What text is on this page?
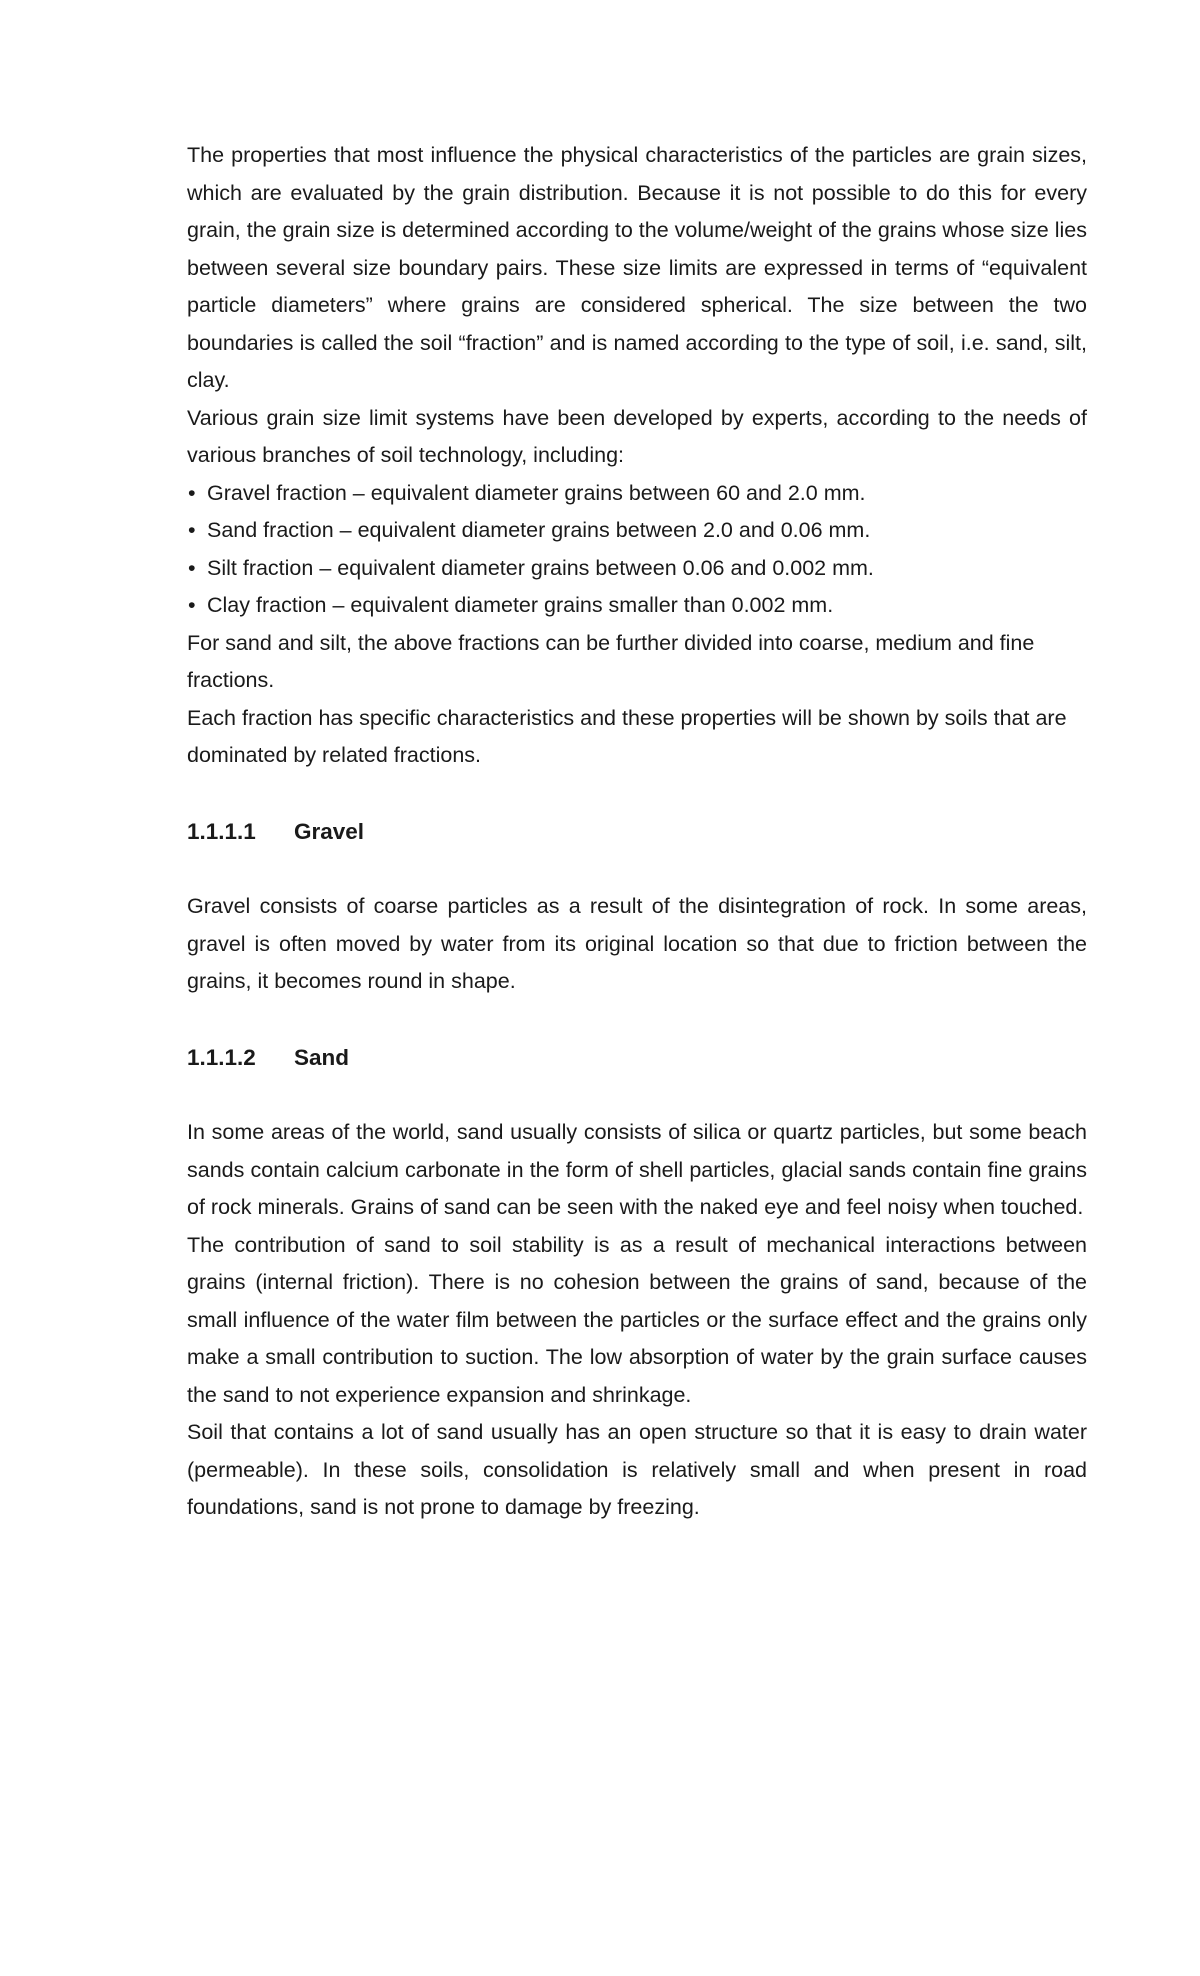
The properties that most influence the physical characteristics of the particles are grain sizes, which are evaluated by the grain distribution. Because it is not possible to do this for every grain, the grain size is determined according to the volume/weight of the grains whose size lies between several size boundary pairs. These size limits are expressed in terms of “equivalent particle diameters” where grains are considered spherical. The size between the two boundaries is called the soil “fraction” and is named according to the type of soil, i.e. sand, silt, clay.

Various grain size limit systems have been developed by experts, according to the needs of various branches of soil technology, including:

• Gravel fraction – equivalent diameter grains between 60 and 2.0 mm.
• Sand fraction – equivalent diameter grains between 2.0 and 0.06 mm.
• Silt fraction – equivalent diameter grains between 0.06 and 0.002 mm.
• Clay fraction – equivalent diameter grains smaller than 0.002 mm.

For sand and silt, the above fractions can be further divided into coarse, medium and fine fractions.

Each fraction has specific characteristics and these properties will be shown by soils that are dominated by related fractions.

1.1.1.1 Gravel

Gravel consists of coarse particles as a result of the disintegration of rock. In some areas, gravel is often moved by water from its original location so that due to friction between the grains, it becomes round in shape.

1.1.1.2 Sand

In some areas of the world, sand usually consists of silica or quartz particles, but some beach sands contain calcium carbonate in the form of shell particles, glacial sands contain fine grains of rock minerals. Grains of sand can be seen with the naked eye and feel noisy when touched.

The contribution of sand to soil stability is as a result of mechanical interactions between grains (internal friction). There is no cohesion between the grains of sand, because of the small influence of the water film between the particles or the surface effect and the grains only make a small contribution to suction. The low absorption of water by the grain surface causes the sand to not experience expansion and shrinkage.

Soil that contains a lot of sand usually has an open structure so that it is easy to drain water (permeable). In these soils, consolidation is relatively small and when present in road foundations, sand is not prone to damage by freezing.
